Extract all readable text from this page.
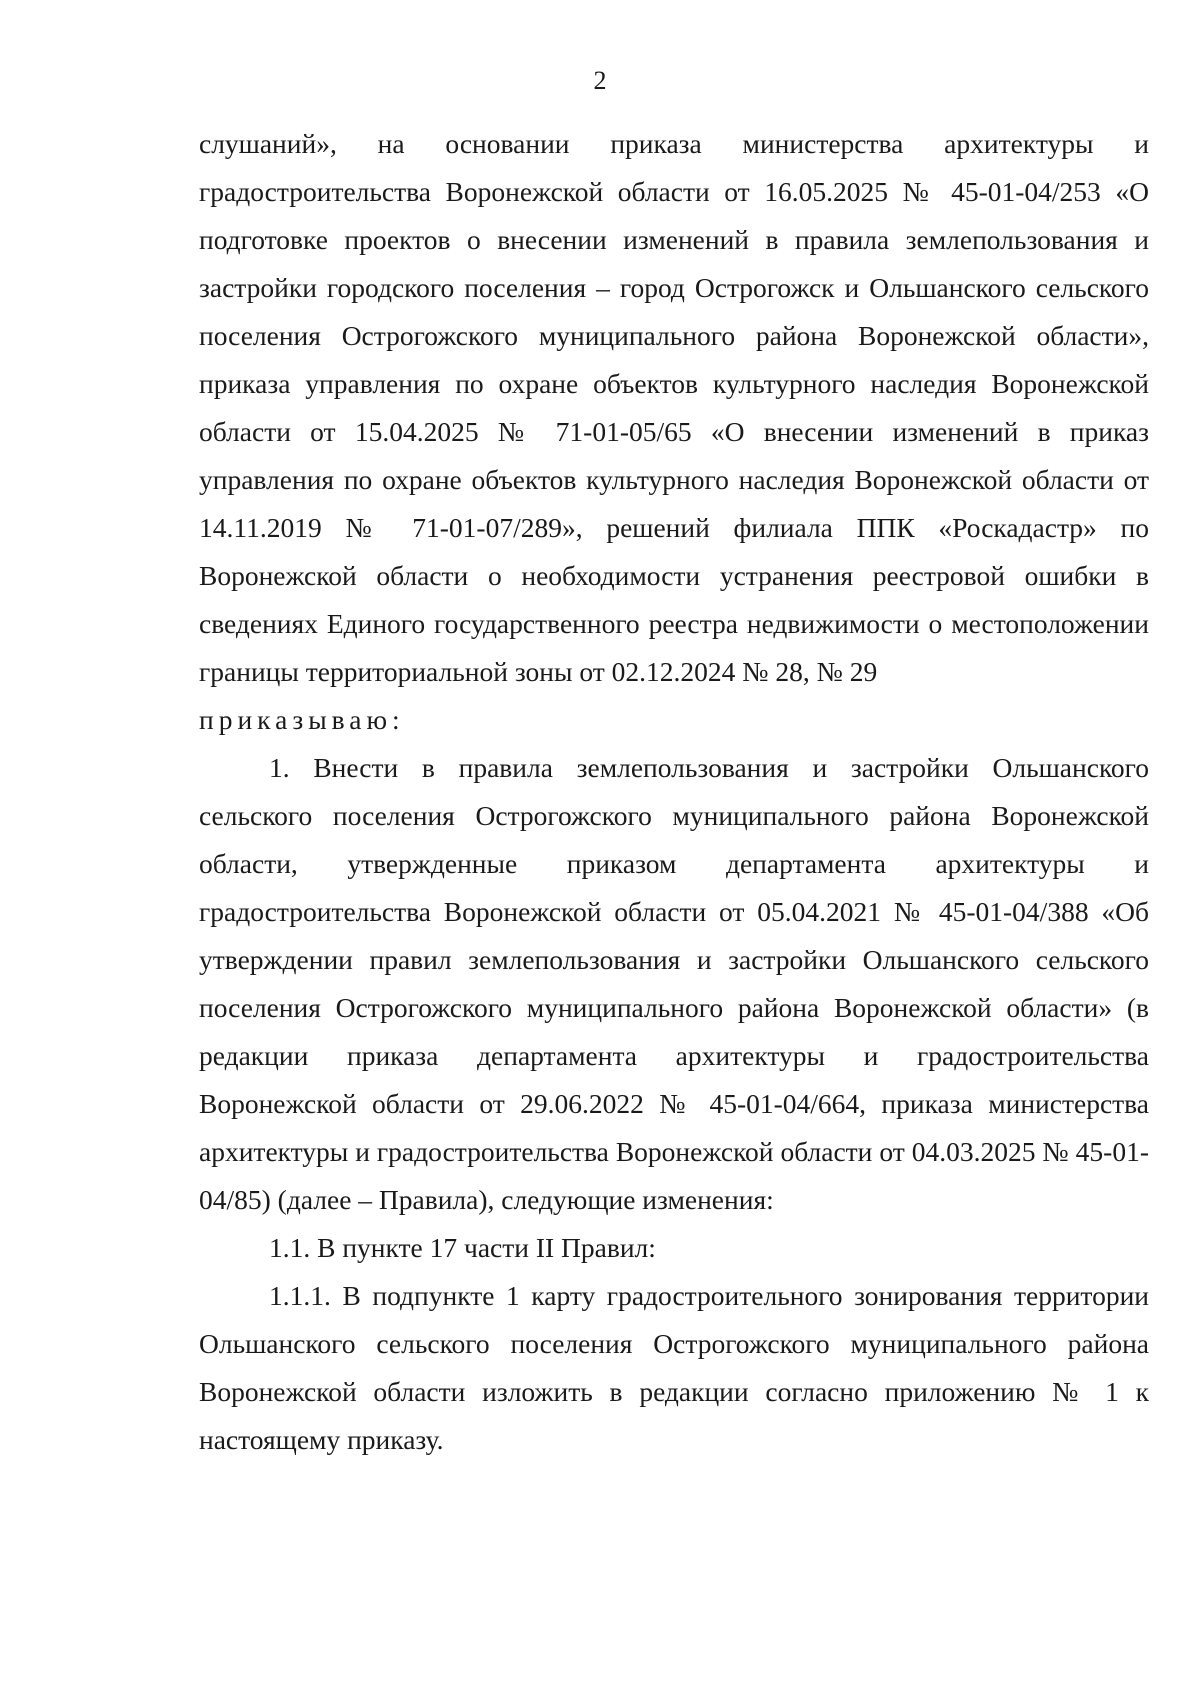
2

слушаний», на основании приказа министерства архитектуры и градостроительства Воронежской области от 16.05.2025 № 45-01-04/253 «О подготовке проектов о внесении изменений в правила землепользования и застройки городского поселения – город Острогожск и Ольшанского сельского поселения Острогожского муниципального района Воронежской области», приказа управления по охране объектов культурного наследия Воронежской области от 15.04.2025 № 71-01-05/65 «О внесении изменений в приказ управления по охране объектов культурного наследия Воронежской области от 14.11.2019 № 71-01-07/289», решений филиала ППК «Роскадастр» по Воронежской области о необходимости устранения реестровой ошибки в сведениях Единого государственного реестра недвижимости о местоположении границы территориальной зоны от 02.12.2024 № 28, № 29

приказываю:

1. Внести в правила землепользования и застройки Ольшанского сельского поселения Острогожского муниципального района Воронежской области, утвержденные приказом департамента архитектуры и градостроительства Воронежской области от 05.04.2021 № 45-01-04/388 «Об утверждении правил землепользования и застройки Ольшанского сельского поселения Острогожского муниципального района Воронежской области» (в редакции приказа департамента архитектуры и градостроительства Воронежской области от 29.06.2022 № 45-01-04/664, приказа министерства архитектуры и градостроительства Воронежской области от 04.03.2025 № 45-01-04/85) (далее – Правила), следующие изменения:

1.1. В пункте 17 части II Правил:

1.1.1. В подпункте 1 карту градостроительного зонирования территории Ольшанского сельского поселения Острогожского муниципального района Воронежской области изложить в редакции согласно приложению № 1 к настоящему приказу.
